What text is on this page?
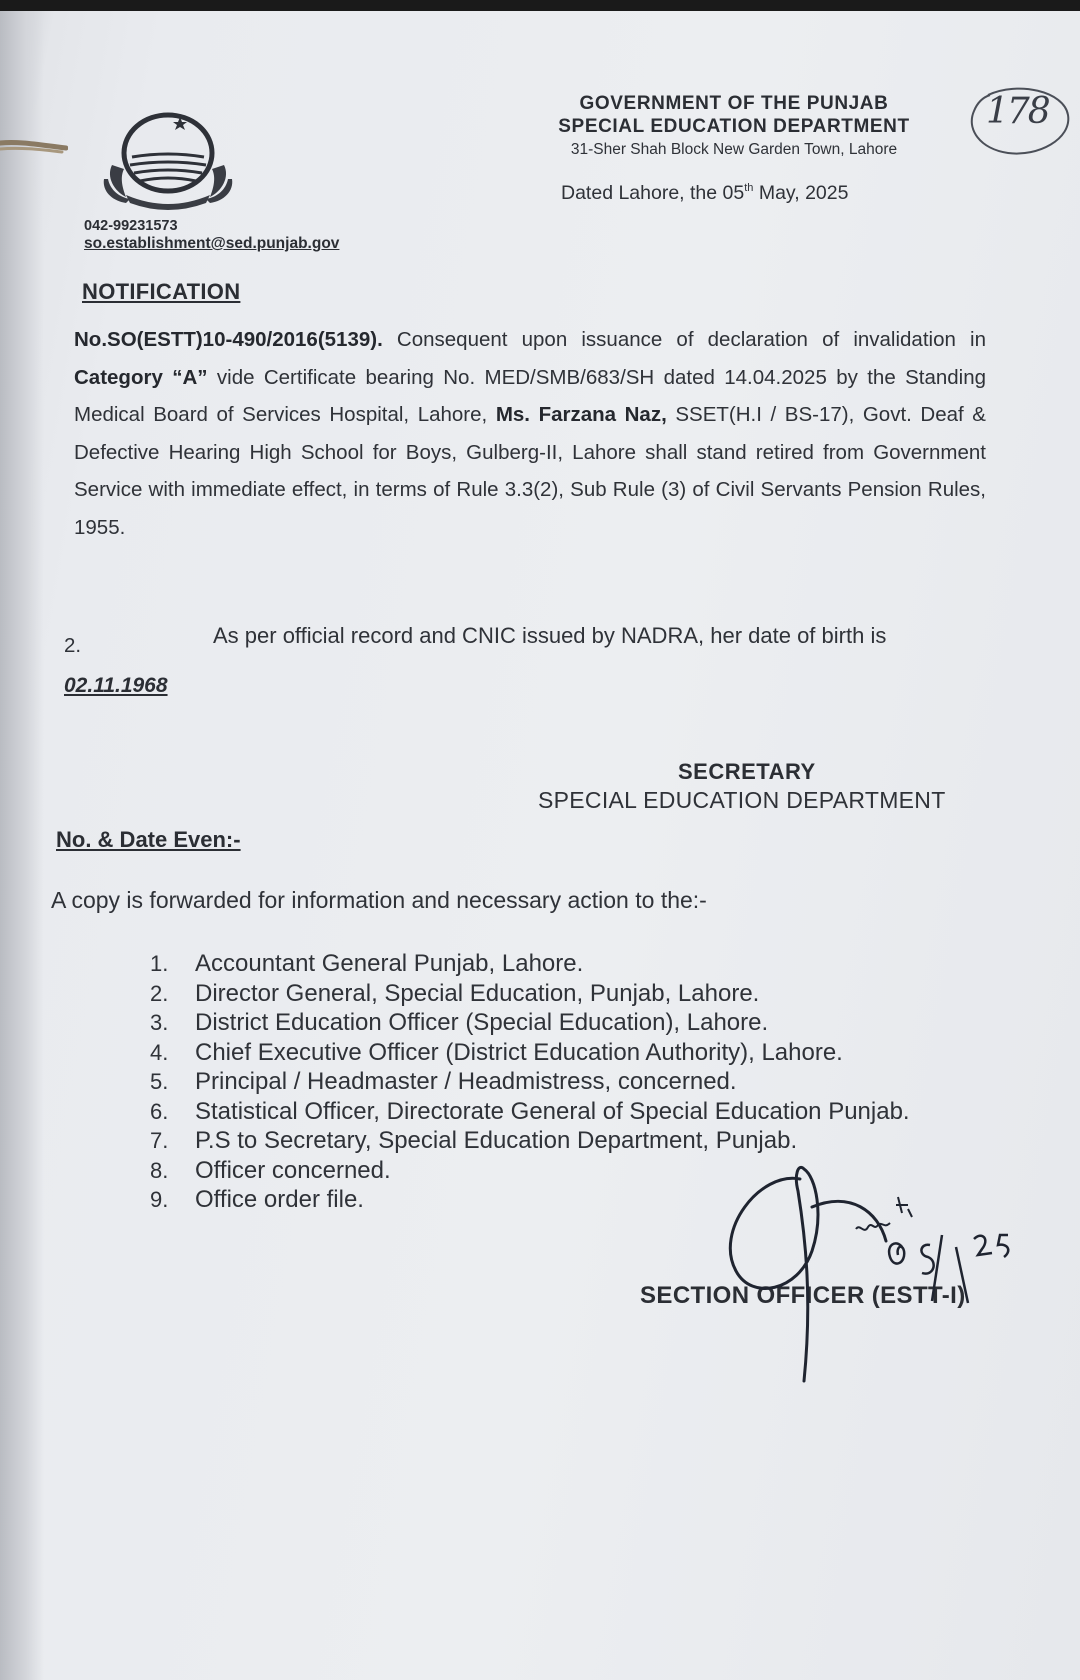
GOVERNMENT OF THE PUNJAB
SPECIAL EDUCATION DEPARTMENT
31-Sher Shah Block New Garden Town, Lahore
178
Dated Lahore, the 05th May, 2025
042-99231573
so.establishment@sed.punjab.gov
NOTIFICATION
No.SO(ESTT)10-490/2016(5139). Consequent upon issuance of declaration of invalidation in Category “A” vide Certificate bearing No. MED/SMB/683/SH dated 14.04.2025 by the Standing Medical Board of Services Hospital, Lahore, Ms. Farzana Naz, SSET(H.I / BS-17), Govt. Deaf & Defective Hearing High School for Boys, Gulberg-II, Lahore shall stand retired from Government Service with immediate effect, in terms of Rule 3.3(2), Sub Rule (3) of Civil Servants Pension Rules, 1955.
2.	As per official record and CNIC issued by NADRA, her date of birth is
02.11.1968
SECRETARY
SPECIAL EDUCATION DEPARTMENT
No. & Date Even:-
A copy is forwarded for information and necessary action to the:-
1. Accountant General Punjab, Lahore.
2. Director General, Special Education, Punjab, Lahore.
3. District Education Officer (Special Education), Lahore.
4. Chief Executive Officer (District Education Authority), Lahore.
5. Principal / Headmaster / Headmistress, concerned.
6. Statistical Officer, Directorate General of Special Education Punjab.
7. P.S to Secretary, Special Education Department, Punjab.
8. Officer concerned.
9. Office order file.
SECTION OFFICER (ESTT-I)
6/5/25
